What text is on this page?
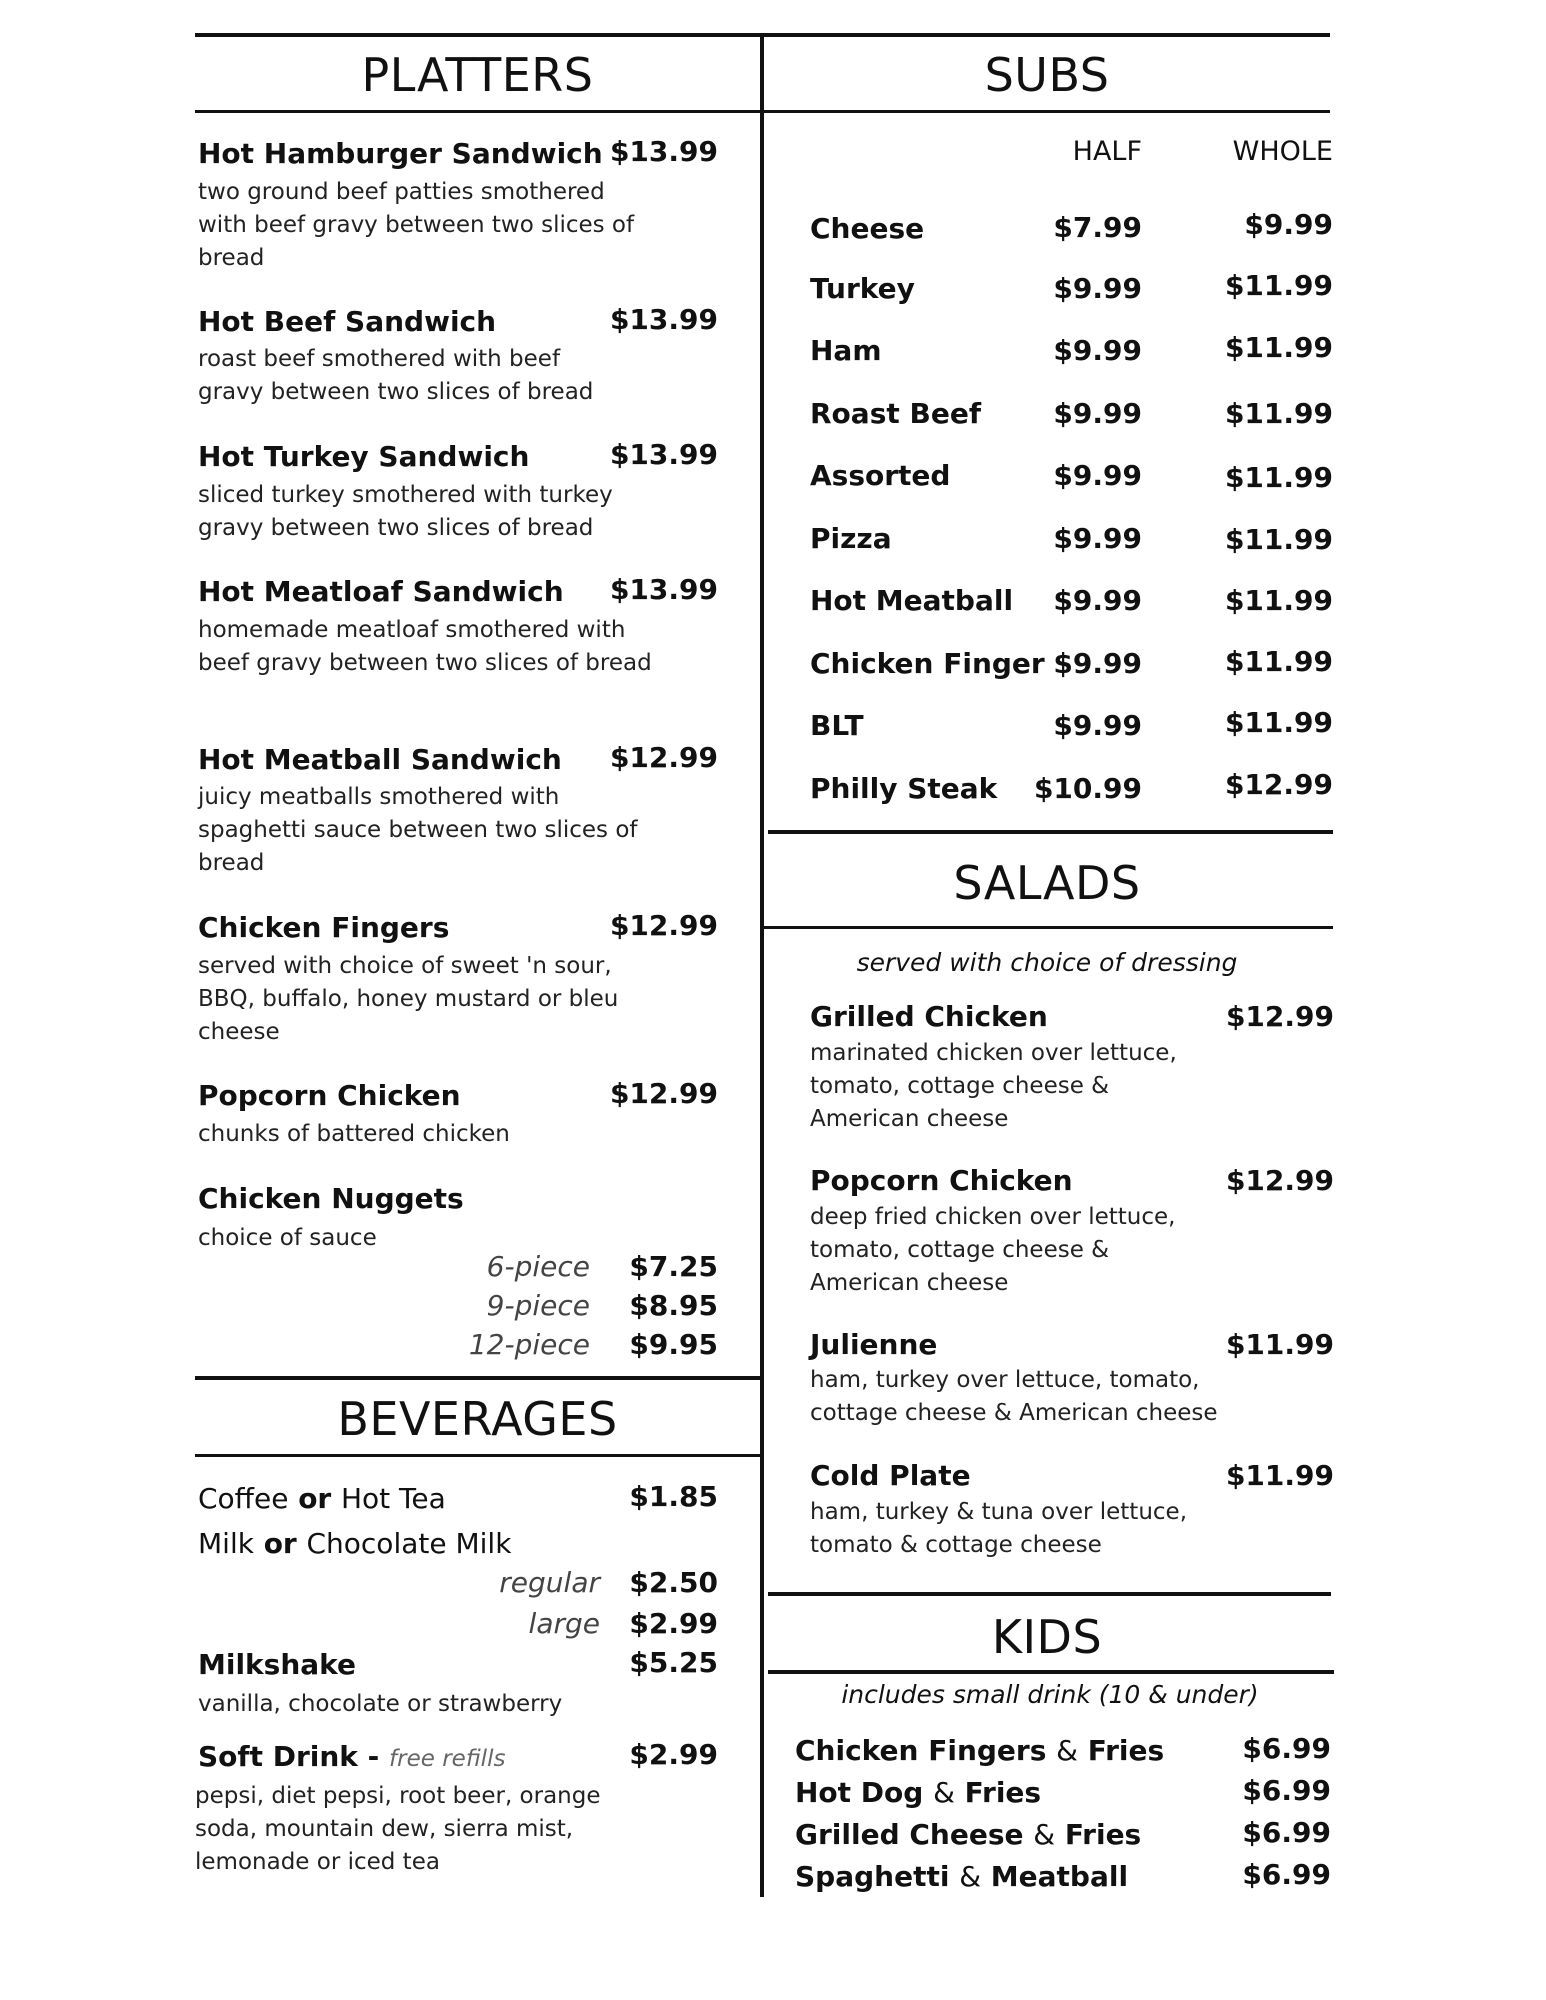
PLATTERS
Hot Hamburger Sandwich $13.99
two ground beef patties smothered with beef gravy between two slices of bread
Hot Beef Sandwich	$13.99
roast beef smothered with beef gravy between two slices of bread
Hot Turkey Sandwich	$13.99
sliced turkey smothered with turkey gravy between two slices of bread
Hot Meatloaf Sandwich	$13.99
homemade meatloaf smothered with beef gravy between two slices of bread
Hot Meatball Sandwich	$12.99
juicy meatballs smothered with spaghetti sauce between two slices of bread
Chicken Fingers	$12.99
served with choice of sweet 'n sour, BBQ, buffalo, honey mustard or bleu cheese
Popcorn Chicken	$12.99
chunks of battered chicken
Chicken Nuggets
choice of sauce
6-piece	$7.25
9-piece	$8.95
12-piece	$9.95
BEVERAGES
Coffee or Hot Tea	$1.85
Milk or Chocolate Milk
regular	$2.50
large	$2.99
Milkshake	$5.25
vanilla, chocolate or strawberry
Soft Drink - free refills	$2.99
pepsi, diet pepsi, root beer, orange soda, mountain dew, sierra mist, lemonade or iced tea
SUBS
HALF	WHOLE
Cheese	$7.99	$9.99
Turkey	$9.99	$11.99
Ham	$9.99	$11.99
Roast Beef	$9.99	$11.99
Assorted	$9.99	$11.99
Pizza	$9.99	$11.99
Hot Meatball	$9.99	$11.99
Chicken Finger $9.99	$11.99
BLT	$9.99	$11.99
Philly Steak	$10.99	$12.99
SALADS
served with choice of dressing
Grilled Chicken	$12.99
marinated chicken over lettuce, tomato, cottage cheese & American cheese
Popcorn Chicken	$12.99
deep fried chicken over lettuce, tomato, cottage cheese & American cheese
Julienne	$11.99
ham, turkey over lettuce, tomato, cottage cheese & American cheese
Cold Plate	$11.99
ham, turkey & tuna over lettuce, tomato & cottage cheese
KIDS
includes small drink (10 & under)
Chicken Fingers & Fries	$6.99
Hot Dog & Fries	$6.99
Grilled Cheese & Fries	$6.99
Spaghetti & Meatball	$6.99
